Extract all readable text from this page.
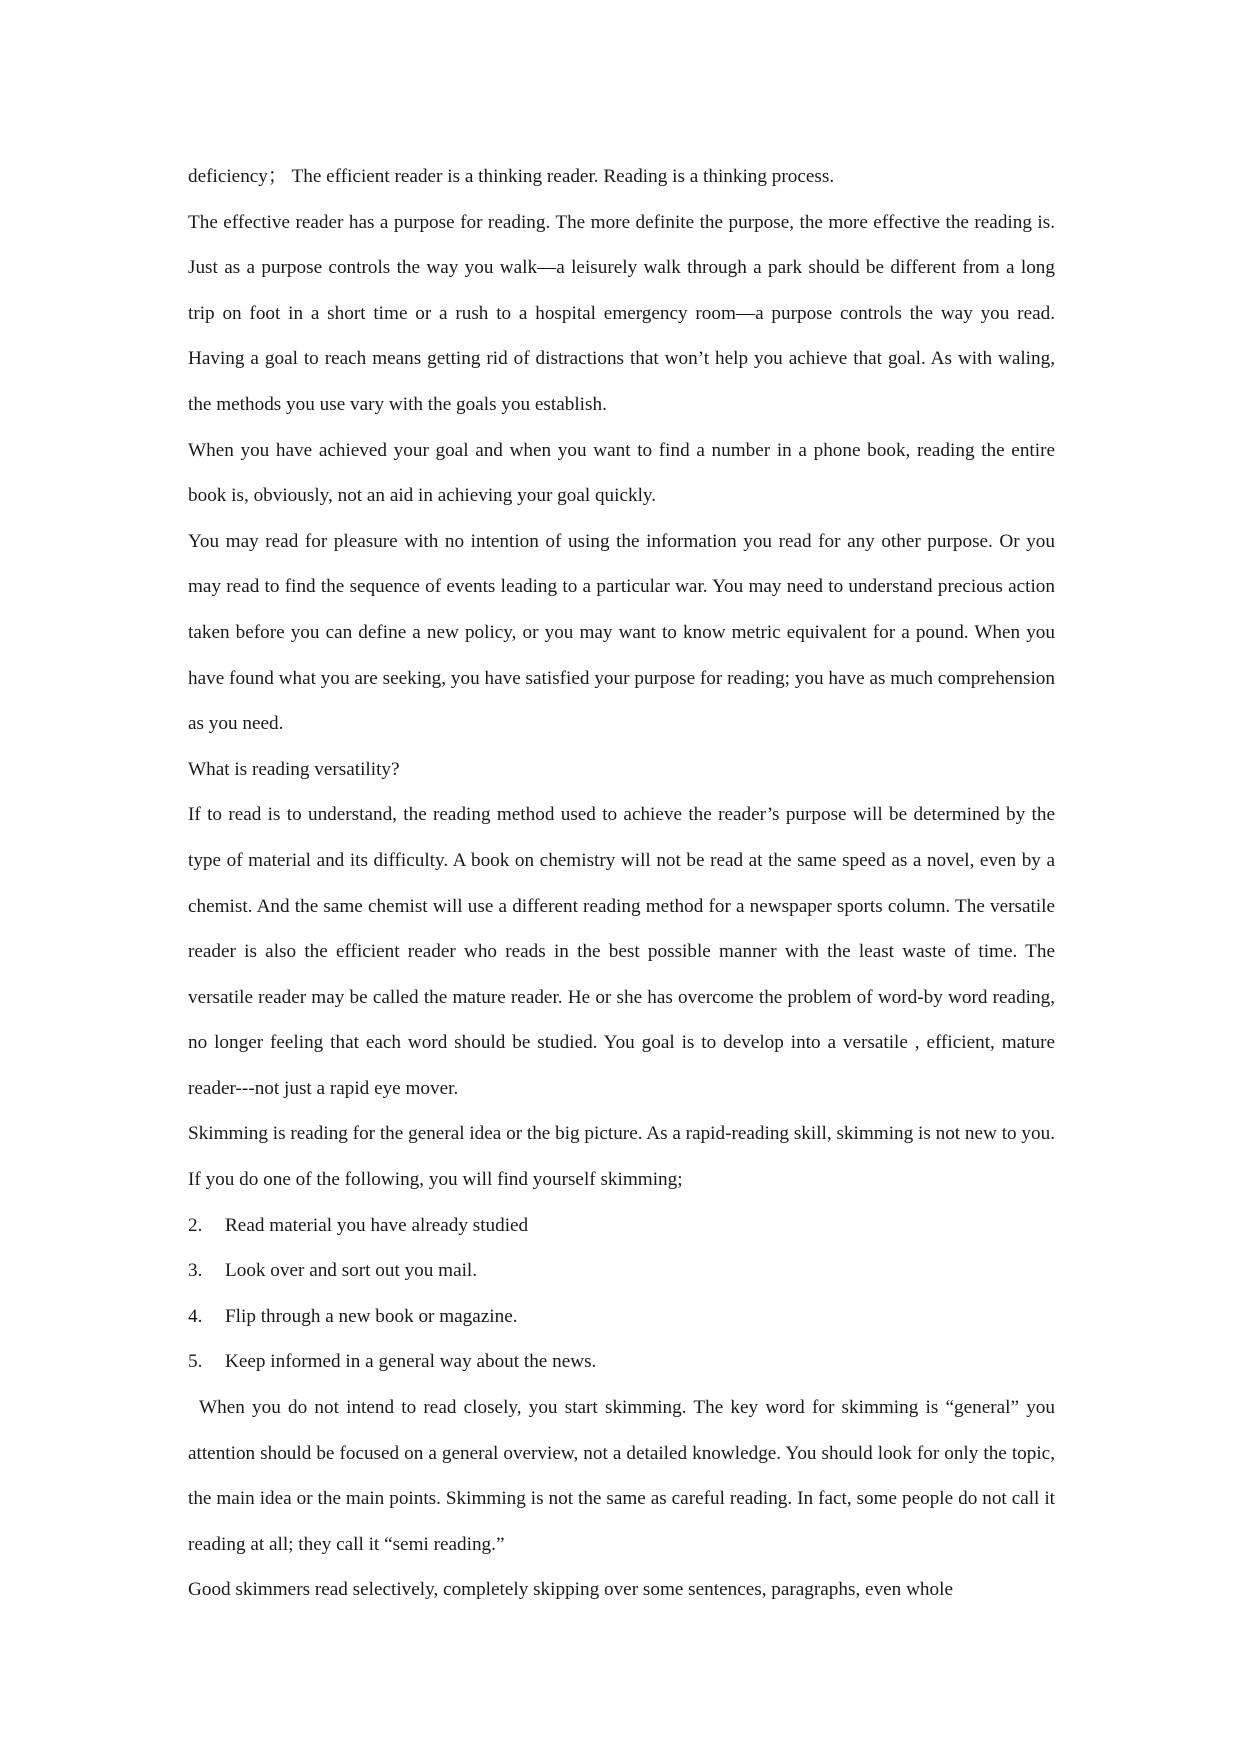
deficiency； The efficient reader is a thinking reader. Reading is a thinking process.

The effective reader has a purpose for reading. The more definite the purpose, the more effective the reading is. Just as a purpose controls the way you walk—a leisurely walk through a park should be different from a long trip on foot in a short time or a rush to a hospital emergency room—a purpose controls the way you read. Having a goal to reach means getting rid of distractions that won’t help you achieve that goal. As with waling, the methods you use vary with the goals you establish.

When you have achieved your goal and when you want to find a number in a phone book, reading the entire book is, obviously, not an aid in achieving your goal quickly.

You may read for pleasure with no intention of using the information you read for any other purpose. Or you may read to find the sequence of events leading to a particular war. You may need to understand precious action taken before you can define a new policy, or you may want to know metric equivalent for a pound. When you have found what you are seeking, you have satisfied your purpose for reading; you have as much comprehension as you need.

What is reading versatility?

If to read is to understand, the reading method used to achieve the reader’s purpose will be determined by the type of material and its difficulty. A book on chemistry will not be read at the same speed as a novel, even by a chemist. And the same chemist will use a different reading method for a newspaper sports column. The versatile reader is also the efficient reader who reads in the best possible manner with the least waste of time. The versatile reader may be called the mature reader. He or she has overcome the problem of word-by word reading, no longer feeling that each word should be studied. You goal is to develop into a versatile , efficient, mature reader---not just a rapid eye mover.

Skimming is reading for the general idea or the big picture. As a rapid-reading skill, skimming is not new to you. If you do one of the following, you will find yourself skimming;

2.	Read material you have already studied
3.	Look over and sort out you mail.
4.	Flip through a new book or magazine.
5.	Keep informed in a general way about the news.

When you do not intend to read closely, you start skimming. The key word for skimming is “general” you attention should be focused on a general overview, not a detailed knowledge. You should look for only the topic, the main idea or the main points. Skimming is not the same as careful reading. In fact, some people do not call it reading at all; they call it “semi reading.”

Good skimmers read selectively, completely skipping over some sentences, paragraphs, even whole
